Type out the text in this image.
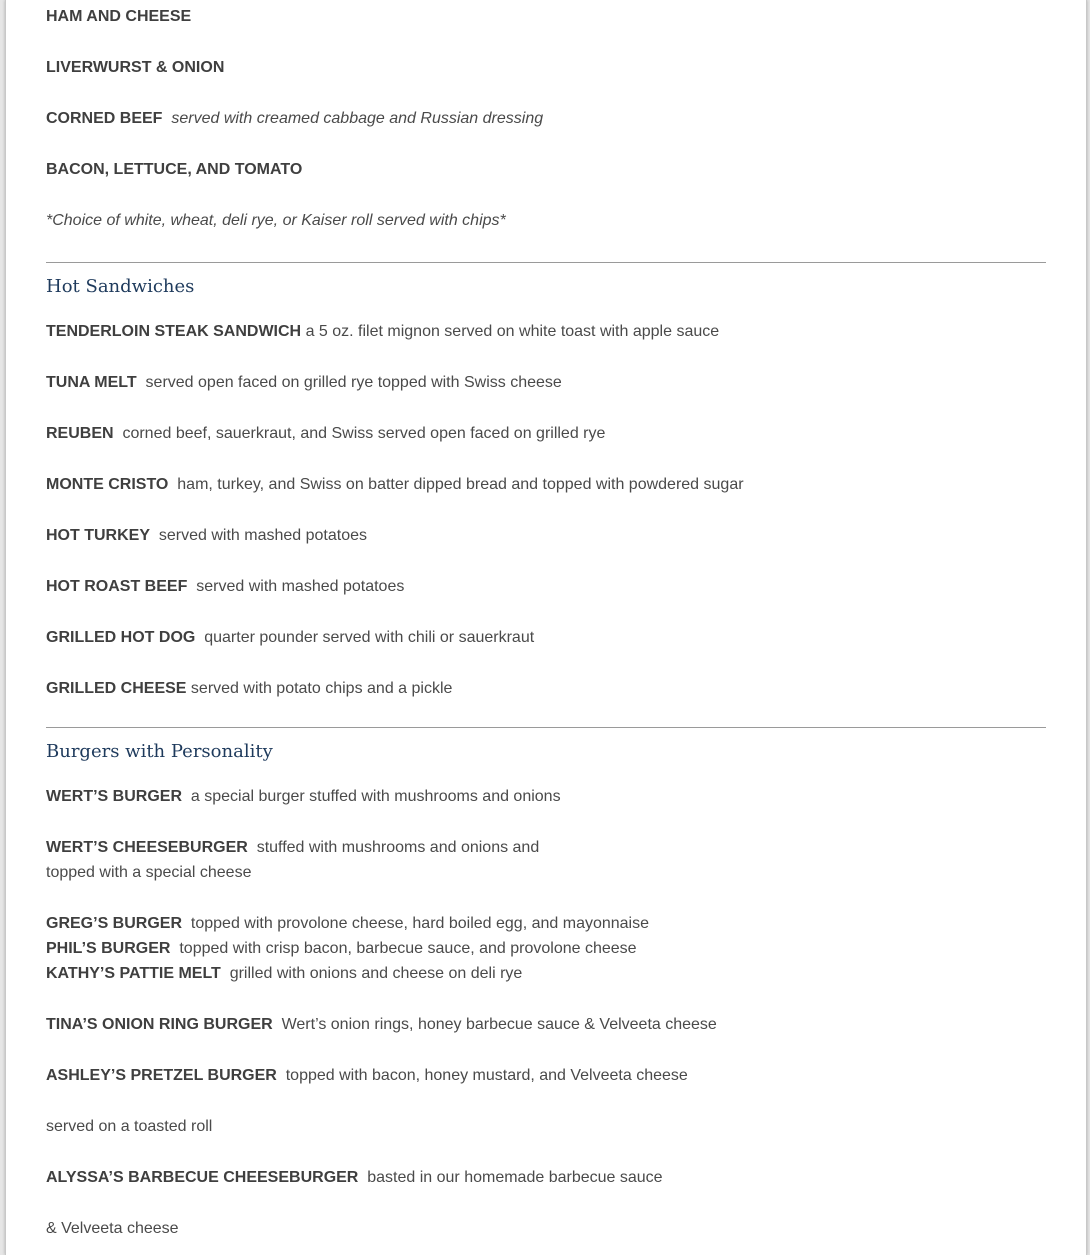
HAM AND CHEESE
LIVERWURST & ONION
CORNED BEEF served with creamed cabbage and Russian dressing
BACON, LETTUCE, AND TOMATO
*Choice of white, wheat, deli rye, or Kaiser roll served with chips*
Hot Sandwiches
TENDERLOIN STEAK SANDWICH a 5 oz. filet mignon served on white toast with apple sauce
TUNA MELT served open faced on grilled rye topped with Swiss cheese
REUBEN corned beef, sauerkraut, and Swiss served open faced on grilled rye
MONTE CRISTO ham, turkey, and Swiss on batter dipped bread and topped with powdered sugar
HOT TURKEY served with mashed potatoes
HOT ROAST BEEF served with mashed potatoes
GRILLED HOT DOG quarter pounder served with chili or sauerkraut
GRILLED CHEESE served with potato chips and a pickle
Burgers with Personality
WERT’S BURGER a special burger stuffed with mushrooms and onions
WERT’S CHEESEBURGER stuffed with mushrooms and onions and
topped with a special cheese
GREG’S BURGER topped with provolone cheese, hard boiled egg, and mayonnaise
PHIL’S BURGER topped with crisp bacon, barbecue sauce, and provolone cheese
KATHY’S PATTIE MELT grilled with onions and cheese on deli rye
TINA’S ONION RING BURGER Wert’s onion rings, honey barbecue sauce & Velveeta cheese
ASHLEY’S PRETZEL BURGER topped with bacon, honey mustard, and Velveeta cheese
served on a toasted roll
ALYSSA’S BARBECUE CHEESEBURGER basted in our homemade barbecue sauce
& Velveeta cheese
